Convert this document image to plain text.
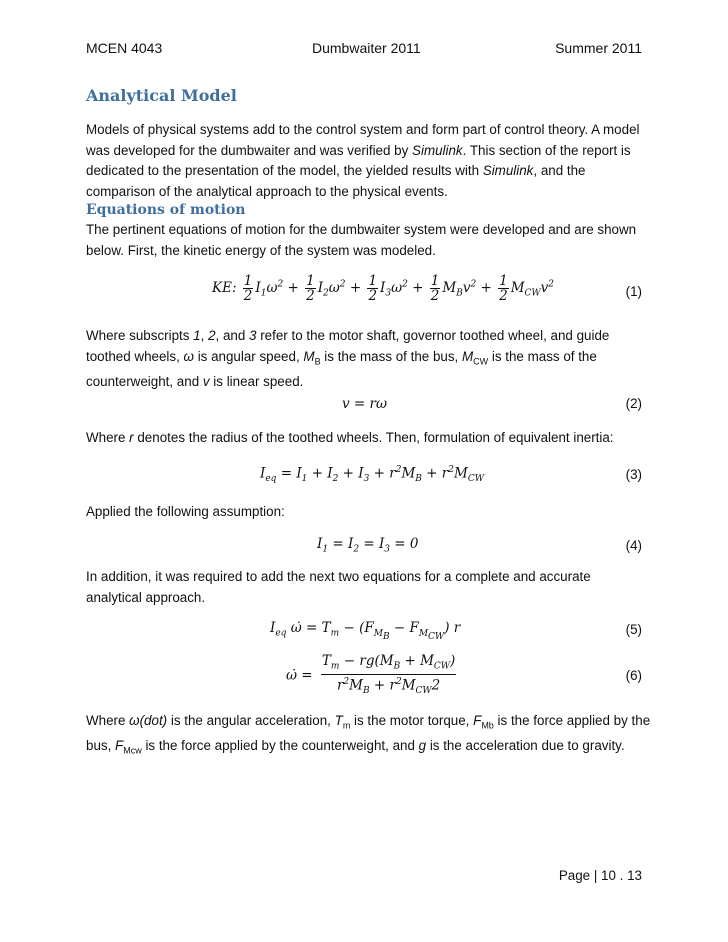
MCEN 4043	Dumbwaiter 2011	Summer 2011
Analytical Model
Models of physical systems add to the control system and form part of control theory. A model was developed for the dumbwaiter and was verified by Simulink. This section of the report is dedicated to the presentation of the model, the yielded results with Simulink, and the comparison of the analytical approach to the physical events.
Equations of motion
The pertinent equations of motion for the dumbwaiter system were developed and are shown below. First, the kinetic energy of the system was modeled.
KE: $\frac{1}{2} I_1\omega^2 + \frac{1}{2} I_2\omega^2 + \frac{1}{2} I_3\omega^2 + \frac{1}{2} M_Bv^2 + \frac{1}{2} M_{CW}v^2$	(1)
Where subscripts 1, 2, and 3 refer to the motor shaft, governor toothed wheel, and guide toothed wheels, ω is angular speed, $M_B$ is the mass of the bus, $M_{CW}$ is the mass of the counterweight, and v is linear speed.
v = rω	(2)
Where r denotes the radius of the toothed wheels. Then, formulation of equivalent inertia:
$I_{eq} = I_1 + I_2 + I_3 + r^2M_B + r^2M_{CW}$	(3)
Applied the following assumption:
$I_1 = I_2 = I_3 = 0$	(4)
In addition, it was required to add the next two equations for a complete and accurate analytical approach.
$I_{eq}$ ω̇ = $T_m - (F_{M_B} - F_{M_{CW}})$ r	(5)
ω̇ = $\frac{T_m - rg(M_B + M_{CW})}{r^2M_B + r^2M_{CW}2}$	(6)
Where ω(dot) is the angular acceleration, $T_m$ is the motor torque, $F_{Mb}$ is the force applied by the bus, $F_{Mcw}$ is the force applied by the counterweight, and g is the acceleration due to gravity.
Page | 10 . 13
